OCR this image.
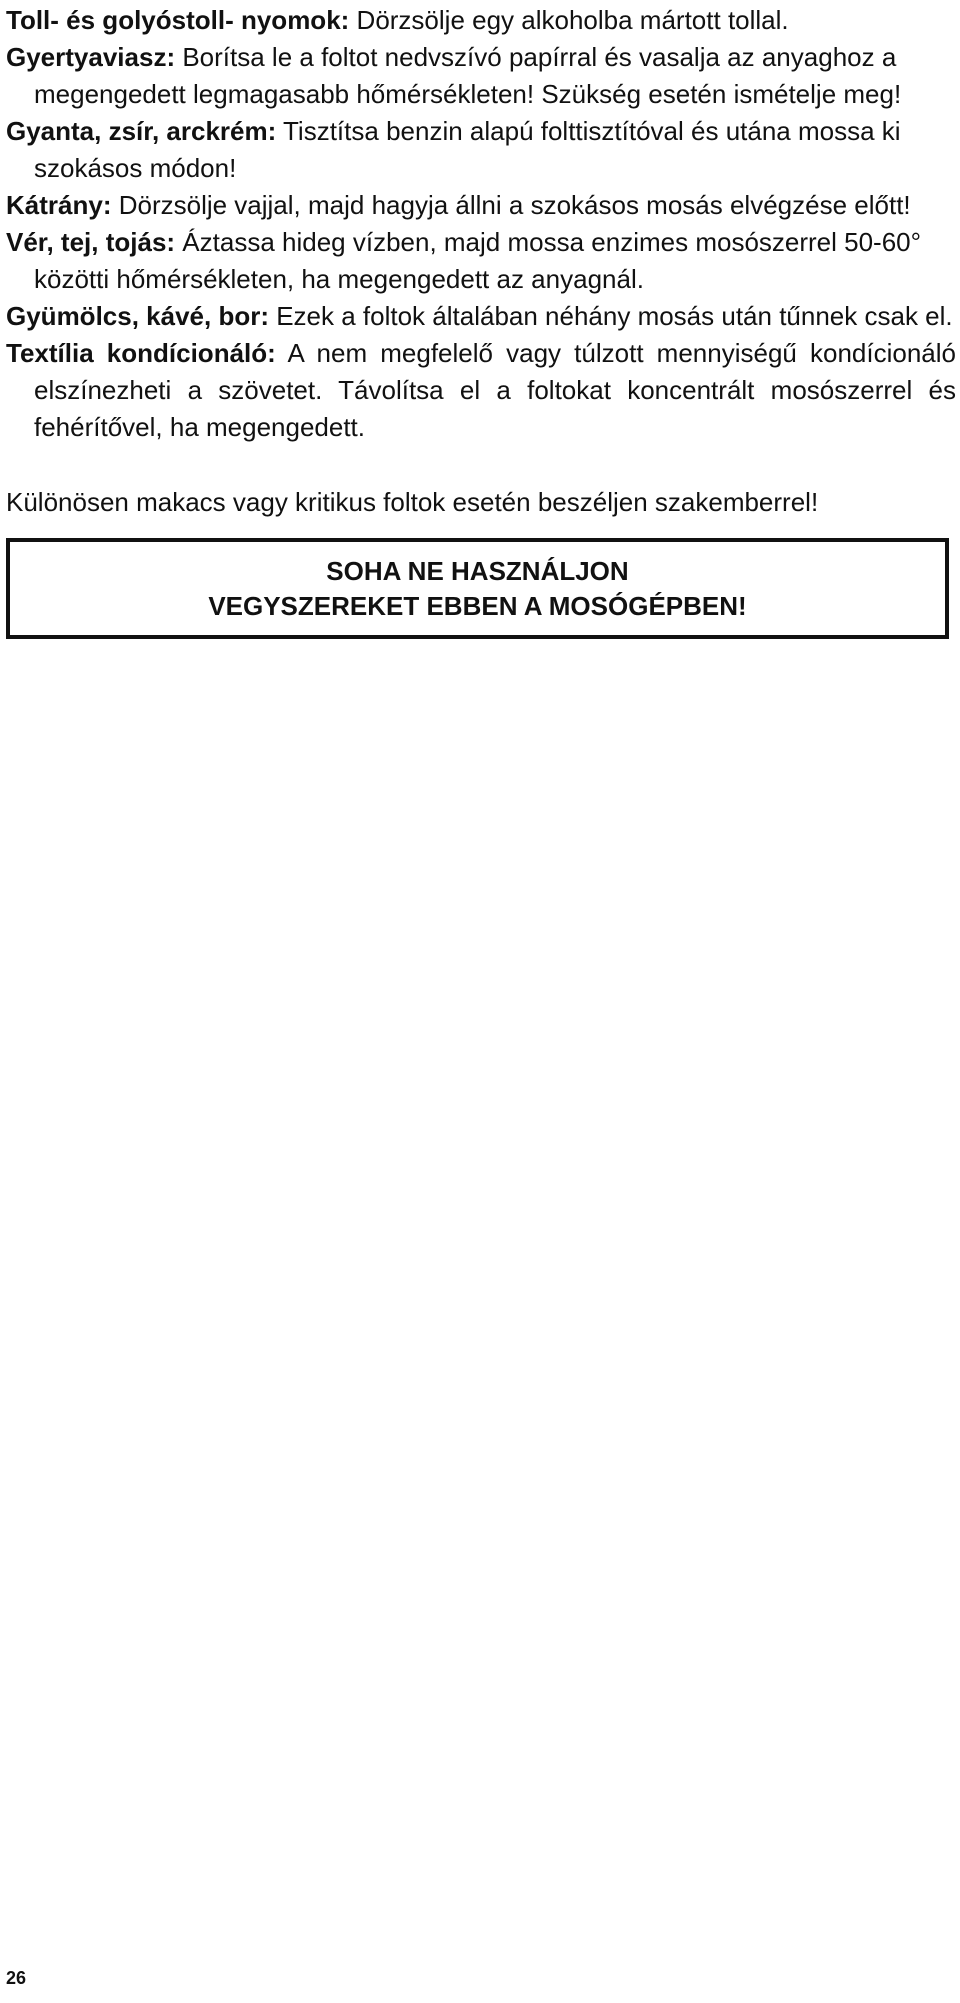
Toll- és golyóstoll- nyomok: Dörzsölje egy alkoholba mártott tollal.
Gyertyaviasz: Borítsa le a foltot nedvszívó papírral és vasalja az anyaghoz a megengedett legmagasabb hőmérsékleten! Szükség esetén ismételje meg!
Gyanta, zsír, arckrém: Tisztítsa benzin alapú folttisztítóval és utána mossa ki szokásos módon!
Kátrány: Dörzsölje vajjal, majd hagyja állni a szokásos mosás elvégzése előtt!
Vér, tej, tojás: Áztassa hideg vízben, majd mossa enzimes mosószerrel 50-60° közötti hőmérsékleten, ha megengedett az anyagnál.
Gyümölcs, kávé, bor: Ezek a foltok általában néhány mosás után tűnnek csak el.
Textília kondícionáló: A nem megfelelő vagy túlzott mennyiségű kondícionáló elszínezheti a szövetet. Távolítsa el a foltokat koncentrált mosószerrel és fehérítővel, ha megengedett.

Különösen makacs vagy kritikus foltok esetén beszéljen szakemberrel!

SOHA NE HASZNÁLJON
VEGYSZEREKET EBBEN A MOSÓGÉPBEN!
26
